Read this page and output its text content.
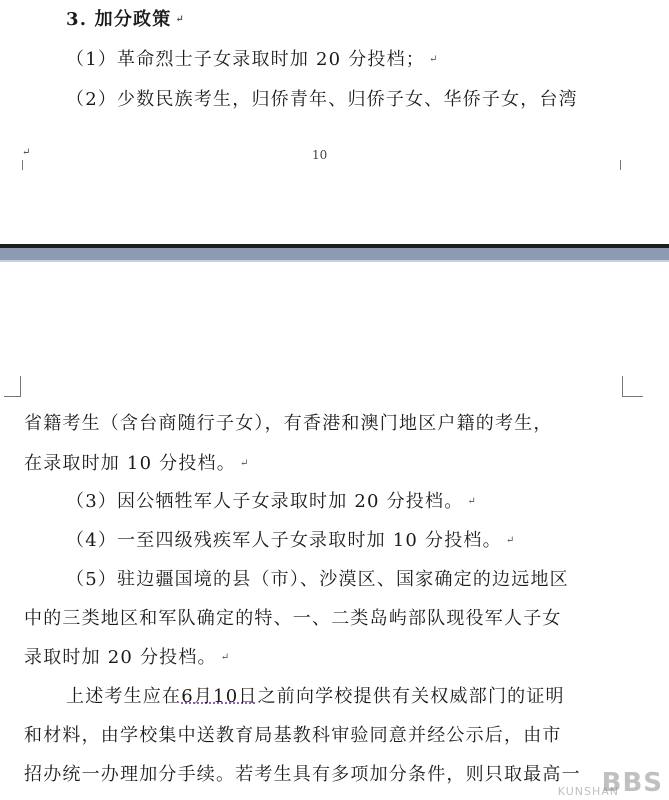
3. 加分政策 ↵
（1）革命烈士子女录取时加 20 分投档； ↵
（2）少数民族考生，归侨青年、归侨子女、华侨子女，台湾
↵	10
省籍考生（含台商随行子女），有香港和澳门地区户籍的考生，
在录取时加 10 分投档。 ↵
（3）因公牺牲军人子女录取时加 20 分投档。 ↵
（4）一至四级残疾军人子女录取时加 10 分投档。 ↵
（5）驻边疆国境的县（市）、沙漠区、国家确定的边远地区
中的三类地区和军队确定的特、一、二类岛屿部队现役军人子女
录取时加 20 分投档。 ↵
上述考生应在6月10日之前向学校提供有关权威部门的证明
和材料，由学校集中送教育局基教科审验同意并经公示后，由市
招办统一办理加分手续。若考生具有多项加分条件，则只取最高一 BBS
KUNSHAN
